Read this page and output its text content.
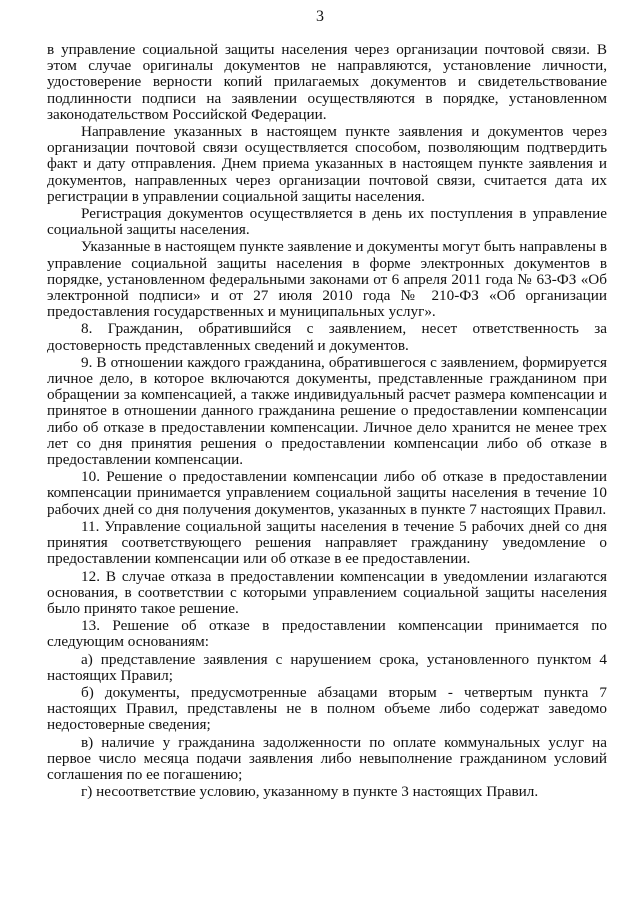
3

в управление социальной защиты населения через организации почтовой связи. В этом случае оригиналы документов не направляются, установление личности, удостоверение верности копий прилагаемых документов и свидетельствование подлинности подписи на заявлении осуществляются в порядке, установленном законодательством Российской Федерации.

Направление указанных в настоящем пункте заявления и документов через организации почтовой связи осуществляется способом, позволяющим подтвердить факт и дату отправления. Днем приема указанных в настоящем пункте заявления и документов, направленных через организации почтовой связи, считается дата их регистрации в управлении социальной защиты населения.

Регистрация документов осуществляется в день их поступления в управление социальной защиты населения.

Указанные в настоящем пункте заявление и документы могут быть направлены в управление социальной защиты населения в форме электронных документов в порядке, установленном федеральными законами от 6 апреля 2011 года № 63-ФЗ «Об электронной подписи» и от 27 июля 2010 года № 210-ФЗ «Об организации предоставления государственных и муниципальных услуг».

8. Гражданин, обратившийся с заявлением, несет ответственность за достоверность представленных сведений и документов.

9. В отношении каждого гражданина, обратившегося с заявлением, формируется личное дело, в которое включаются документы, представленные гражданином при обращении за компенсацией, а также индивидуальный расчет размера компенсации и принятое в отношении данного гражданина решение о предоставлении компенсации либо об отказе в предоставлении компенсации. Личное дело хранится не менее трех лет со дня принятия решения о предоставлении компенсации либо об отказе в предоставлении компенсации.

10. Решение о предоставлении компенсации либо об отказе в предоставлении компенсации принимается управлением социальной защиты населения в течение 10 рабочих дней со дня получения документов, указанных в пункте 7 настоящих Правил.

11. Управление социальной защиты населения в течение 5 рабочих дней со дня принятия соответствующего решения направляет гражданину уведомление о предоставлении компенсации или об отказе в ее предоставлении.

12. В случае отказа в предоставлении компенсации в уведомлении излагаются основания, в соответствии с которыми управлением социальной защиты населения было принято такое решение.

13. Решение об отказе в предоставлении компенсации принимается по следующим основаниям:

а) представление заявления с нарушением срока, установленного пунктом 4 настоящих Правил;

б) документы, предусмотренные абзацами вторым - четвертым пункта 7 настоящих Правил, представлены не в полном объеме либо содержат заведомо недостоверные сведения;

в) наличие у гражданина задолженности по оплате коммунальных услуг на первое число месяца подачи заявления либо невыполнение гражданином условий соглашения по ее погашению;

г) несоответствие условию, указанному в пункте 3 настоящих Правил.
